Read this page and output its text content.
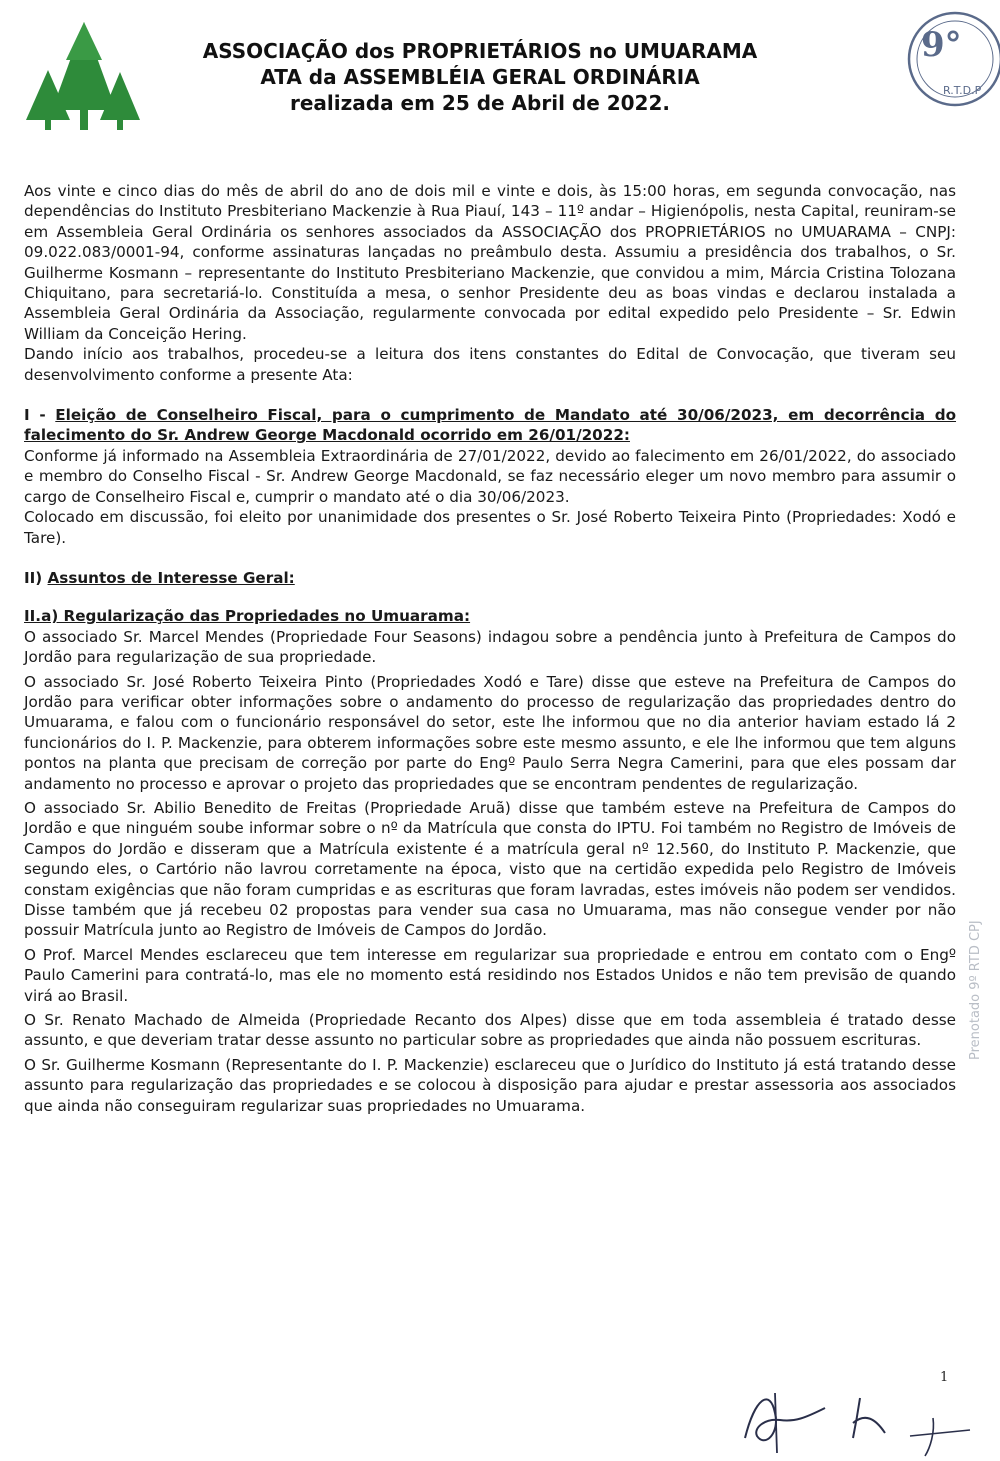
ASSOCIAÇÃO dos PROPRIETÁRIOS no UMUARAMA
ATA da ASSEMBLÉIA GERAL ORDINÁRIA
realizada em 25 de Abril de 2022.
9°
R.T.D.P

Aos vinte e cinco dias do mês de abril do ano de dois mil e vinte e dois, às 15:00 horas, em segunda convocação, nas dependências do Instituto Presbiteriano Mackenzie à Rua Piauí, 143 – 11º andar – Higienópolis, nesta Capital, reuniram-se em Assembleia Geral Ordinária os senhores associados da ASSOCIAÇÃO dos PROPRIETÁRIOS no UMUARAMA – CNPJ: 09.022.083/0001-94, conforme assinaturas lançadas no preâmbulo desta. Assumiu a presidência dos trabalhos, o Sr. Guilherme Kosmann – representante do Instituto Presbiteriano Mackenzie, que convidou a mim, Márcia Cristina Tolozana Chiquitano, para secretariá-lo. Constituída a mesa, o senhor Presidente deu as boas vindas e declarou instalada a Assembleia Geral Ordinária da Associação, regularmente convocada por edital expedido pelo Presidente – Sr. Edwin William da Conceição Hering.

Dando início aos trabalhos, procedeu-se a leitura dos itens constantes do Edital de Convocação, que tiveram seu desenvolvimento conforme a presente Ata:

I - Eleição de Conselheiro Fiscal, para o cumprimento de Mandato até 30/06/2023, em decorrência do falecimento do Sr. Andrew George Macdonald ocorrido em 26/01/2022:

Conforme já informado na Assembleia Extraordinária de 27/01/2022, devido ao falecimento em 26/01/2022, do associado e membro do Conselho Fiscal - Sr. Andrew George Macdonald, se faz necessário eleger um novo membro para assumir o cargo de Conselheiro Fiscal e, cumprir o mandato até o dia 30/06/2023.

Colocado em discussão, foi eleito por unanimidade dos presentes o Sr. José Roberto Teixeira Pinto (Propriedades: Xodó e Tare).

II) Assuntos de Interesse Geral:

II.a) Regularização das Propriedades no Umuarama:

O associado Sr. Marcel Mendes (Propriedade Four Seasons) indagou sobre a pendência junto à Prefeitura de Campos do Jordão para regularização de sua propriedade.

O associado Sr. José Roberto Teixeira Pinto (Propriedades Xodó e Tare) disse que esteve na Prefeitura de Campos do Jordão para verificar obter informações sobre o andamento do processo de regularização das propriedades dentro do Umuarama, e falou com o funcionário responsável do setor, este lhe informou que no dia anterior haviam estado lá 2 funcionários do I. P. Mackenzie, para obterem informações sobre este mesmo assunto, e ele lhe informou que tem alguns pontos na planta que precisam de correção por parte do Engº Paulo Serra Negra Camerini, para que eles possam dar andamento no processo e aprovar o projeto das propriedades que se encontram pendentes de regularização.

O associado Sr. Abilio Benedito de Freitas (Propriedade Aruã) disse que também esteve na Prefeitura de Campos do Jordão e que ninguém soube informar sobre o nº da Matrícula que consta do IPTU. Foi também no Registro de Imóveis de Campos do Jordão e disseram que a Matrícula existente é a matrícula geral nº 12.560, do Instituto P. Mackenzie, que segundo eles, o Cartório não lavrou corretamente na época, visto que na certidão expedida pelo Registro de Imóveis constam exigências que não foram cumpridas e as escrituras que foram lavradas, estes imóveis não podem ser vendidos. Disse também que já recebeu 02 propostas para vender sua casa no Umuarama, mas não consegue vender por não possuir Matrícula junto ao Registro de Imóveis de Campos do Jordão.

O Prof. Marcel Mendes esclareceu que tem interesse em regularizar sua propriedade e entrou em contato com o Engº Paulo Camerini para contratá-lo, mas ele no momento está residindo nos Estados Unidos e não tem previsão de quando virá ao Brasil.

O Sr. Renato Machado de Almeida (Propriedade Recanto dos Alpes) disse que em toda assembleia é tratado desse assunto, e que deveriam tratar desse assunto no particular sobre as propriedades que ainda não possuem escrituras.

O Sr. Guilherme Kosmann (Representante do I. P. Mackenzie) esclareceu que o Jurídico do Instituto já está tratando desse assunto para regularização das propriedades e se colocou à disposição para ajudar e prestar assessoria aos associados que ainda não conseguiram regularizar suas propriedades no Umuarama.

Prenotado 9º RTD CPJ
1
